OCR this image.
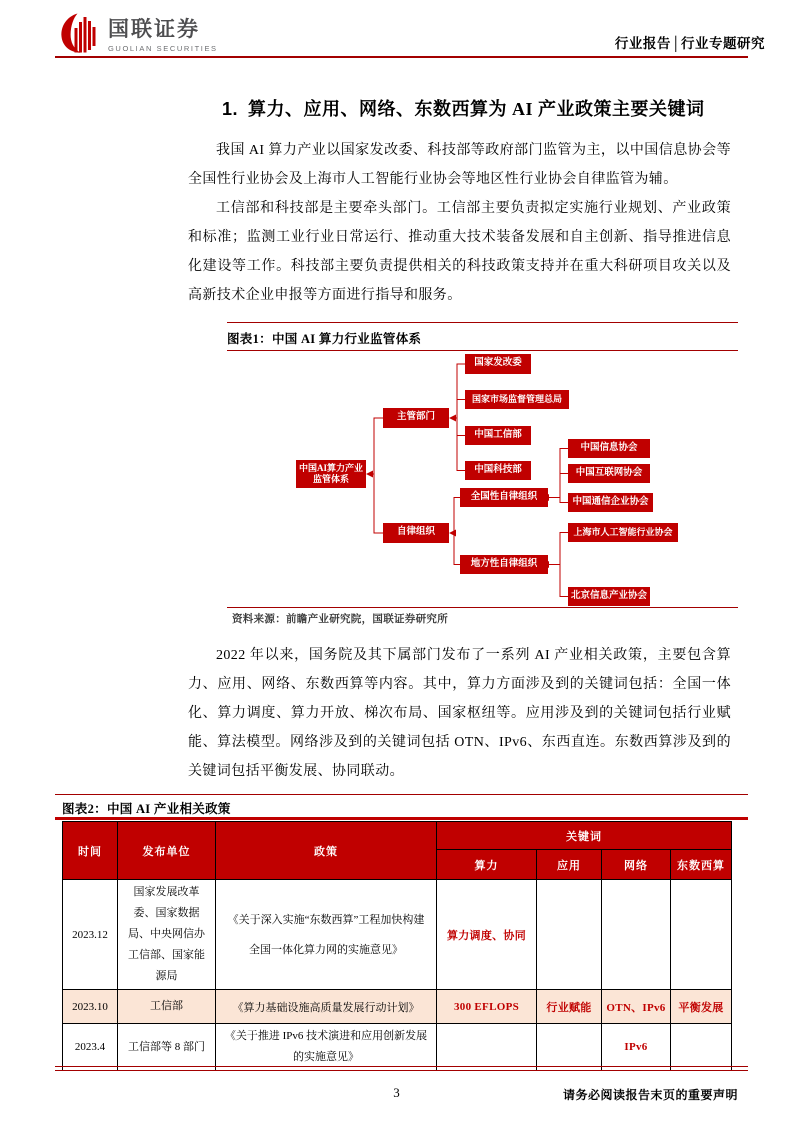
国联证券
GUOLIAN SECURITIES	行业报告│行业专题研究
1. 算力、应用、网络、东数西算为 AI 产业政策主要关键词
我国 AI 算力产业以国家发改委、科技部等政府部门监管为主，以中国信息协会等全国性行业协会及上海市人工智能行业协会等地区性行业协会自律监管为辅。
工信部和科技部是主要牵头部门。工信部主要负责拟定实施行业规划、产业政策和标准；监测工业行业日常运行、推动重大技术装备发展和自主创新、指导推进信息化建设等工作。科技部主要负责提供相关的科技政策支持并在重大科研项目攻关以及高新技术企业申报等方面进行指导和服务。
图表1：中国 AI 算力行业监管体系
中国AI算力产业监管体系
主管部门
自律组织
国家发改委
国家市场监督管理总局
中国工信部
中国科技部
全国性自律组织
地方性自律组织
中国信息协会
中国互联网协会
中国通信企业协会
上海市人工智能行业协会
北京信息产业协会
资料来源：前瞻产业研究院，国联证券研究所
2022 年以来，国务院及其下属部门发布了一系列 AI 产业相关政策，主要包含算力、应用、网络、东数西算等内容。其中，算力方面涉及到的关键词包括：全国一体化、算力调度、算力开放、梯次布局、国家枢纽等。应用涉及到的关键词包括行业赋能、算法模型。网络涉及到的关键词包括 OTN、IPv6、东西直连。东数西算涉及到的关键词包括平衡发展、协同联动。
图表2：中国 AI 产业相关政策
时间	发布单位	政策	关键词			
			算力	应用	网络	东数西算
2023.12	国家发展改革委、国家数据局、中央网信办 工信部、国家能源局	《关于深入实施“东数西算”工程加快构建全国一体化算力网的实施意见》	算力调度、协同			
2023.10	工信部	《算力基础设施高质量发展行动计划》	300 EFLOPS	行业赋能	OTN、IPv6	平衡发展
2023.4	工信部等 8 部门	《关于推进 IPv6 技术演进和应用创新发展的实施意见》			IPv6	
3	请务必阅读报告末页的重要声明
